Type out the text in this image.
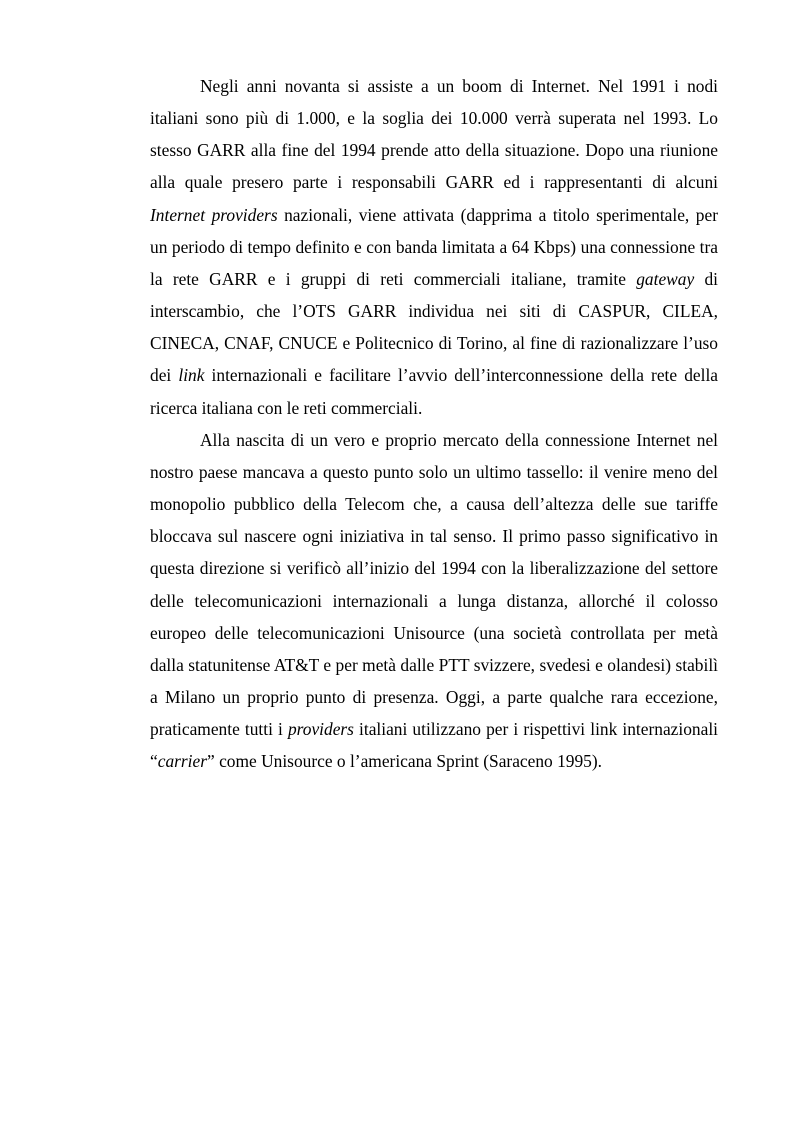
Negli anni novanta si assiste a un boom di Internet. Nel 1991 i nodi italiani sono più di 1.000, e la soglia dei 10.000 verrà superata nel 1993. Lo stesso GARR alla fine del 1994 prende atto della situazione. Dopo una riunione alla quale presero parte i responsabili GARR ed i rappresentanti di alcuni Internet providers nazionali, viene attivata (dapprima a titolo sperimentale, per un periodo di tempo definito e con banda limitata a 64 Kbps) una connessione tra la rete GARR e i gruppi di reti commerciali italiane, tramite gateway di interscambio, che l’OTS GARR individua nei siti di CASPUR, CILEA, CINECA, CNAF, CNUCE e Politecnico di Torino, al fine di razionalizzare l’uso dei link internazionali e facilitare l’avvio dell’interconnessione della rete della ricerca italiana con le reti commerciali.

Alla nascita di un vero e proprio mercato della connessione Internet nel nostro paese mancava a questo punto solo un ultimo tassello: il venire meno del monopolio pubblico della Telecom che, a causa dell’altezza delle sue tariffe bloccava sul nascere ogni iniziativa in tal senso. Il primo passo significativo in questa direzione si verificò all’inizio del 1994 con la liberalizzazione del settore delle telecomunicazioni internazionali a lunga distanza, allorché il colosso europeo delle telecomunicazioni Unisource (una società controllata per metà dalla statunitense AT&T e per metà dalle PTT svizzere, svedesi e olandesi) stabilì a Milano un proprio punto di presenza. Oggi, a parte qualche rara eccezione, praticamente tutti i providers italiani utilizzano per i rispettivi link internazionali “carrier” come Unisource o l’americana Sprint (Saraceno 1995).
